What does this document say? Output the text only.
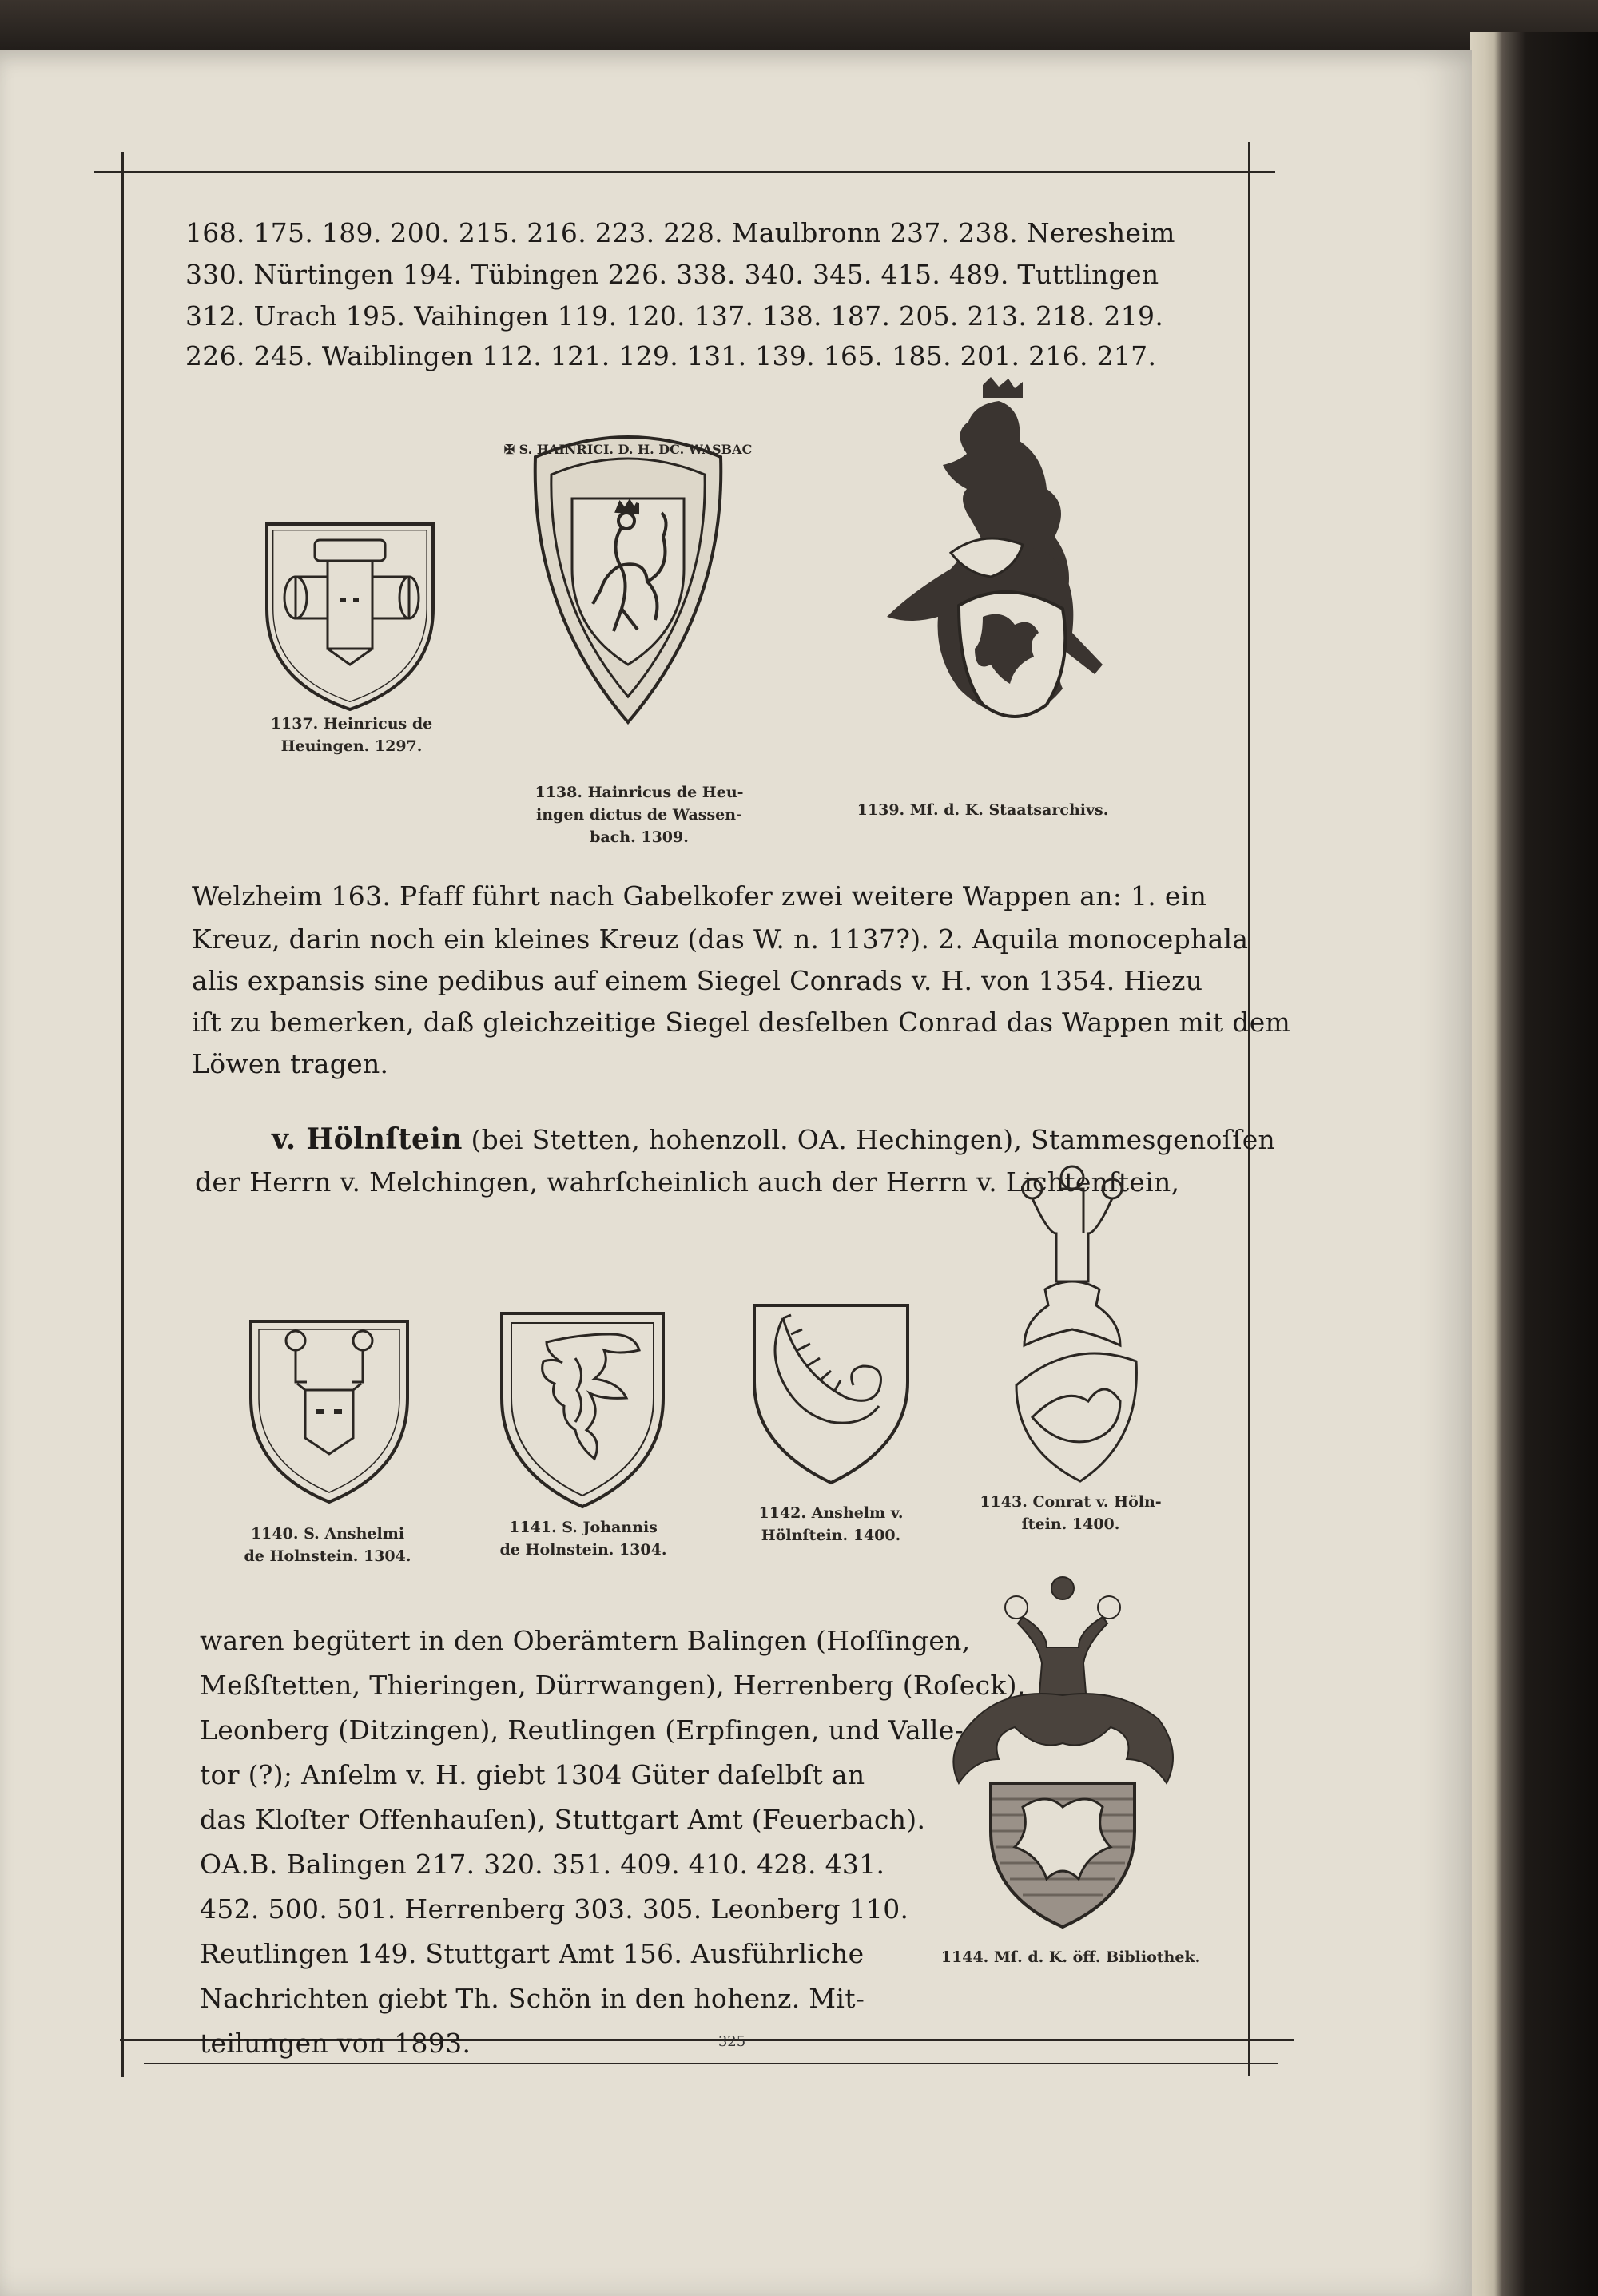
168. 175. 189. 200. 215. 216. 223. 228. Maulbronn 237. 238. Neresheim
330. Nürtingen 194. Tübingen 226. 338. 340. 345. 415. 489. Tuttlingen
312. Urach 195. Vaihingen 119. 120. 137. 138. 187. 205. 213. 218. 219.
226. 245. Waiblingen 112. 121. 129. 131. 139. 165. 185. 201. 216. 217.
1137. Heinricus de
Heuingen. 1297.
✠ S. HAINRICI. D. H. DC. WASBAC
1138. Hainricus de Heu-
ingen dictus de Wassen-
bach. 1309.
1139. Mſ. d. K. Staatsarchivs.
Welzheim 163. Pfaff führt nach Gabelkofer zwei weitere Wappen an: 1. ein
Kreuz, darin noch ein kleines Kreuz (das W. n. 1137?). 2. Aquila monocephala
alis expansis sine pedibus auf einem Siegel Conrads v. H. von 1354. Hiezu
iſt zu bemerken, daß gleichzeitige Siegel desſelben Conrad das Wappen mit dem
Löwen tragen.
v. Hölnſtein (bei Stetten, hohenzoll. OA. Hechingen), Stammesgenoſſen
der Herrn v. Melchingen, wahrſcheinlich auch der Herrn v. Lichtenſtein,
1140. S. Anshelmi
de Holnstein. 1304.
1141. S. Johannis
de Holnstein. 1304.
1142. Anshelm v.
Hölnſtein. 1400.
1143. Conrat v. Höln-
ſtein. 1400.
waren begütert in den Oberämtern Balingen (Hoſſingen,
Meßſtetten, Thieringen, Dürrwangen), Herrenberg (Roſeck),
Leonberg (Ditzingen), Reutlingen (Erpfingen, und Valle-
tor (?); Anſelm v. H. giebt 1304 Güter daſelbſt an
das Kloſter Offenhauſen), Stuttgart Amt (Feuerbach).
OA.B. Balingen 217. 320. 351. 409. 410. 428. 431.
452. 500. 501. Herrenberg 303. 305. Leonberg 110.
Reutlingen 149. Stuttgart Amt 156. Ausführliche
Nachrichten giebt Th. Schön in den hohenz. Mit-
teilungen von 1893.
1144. Mſ. d. K. öff. Bibliothek.
325
